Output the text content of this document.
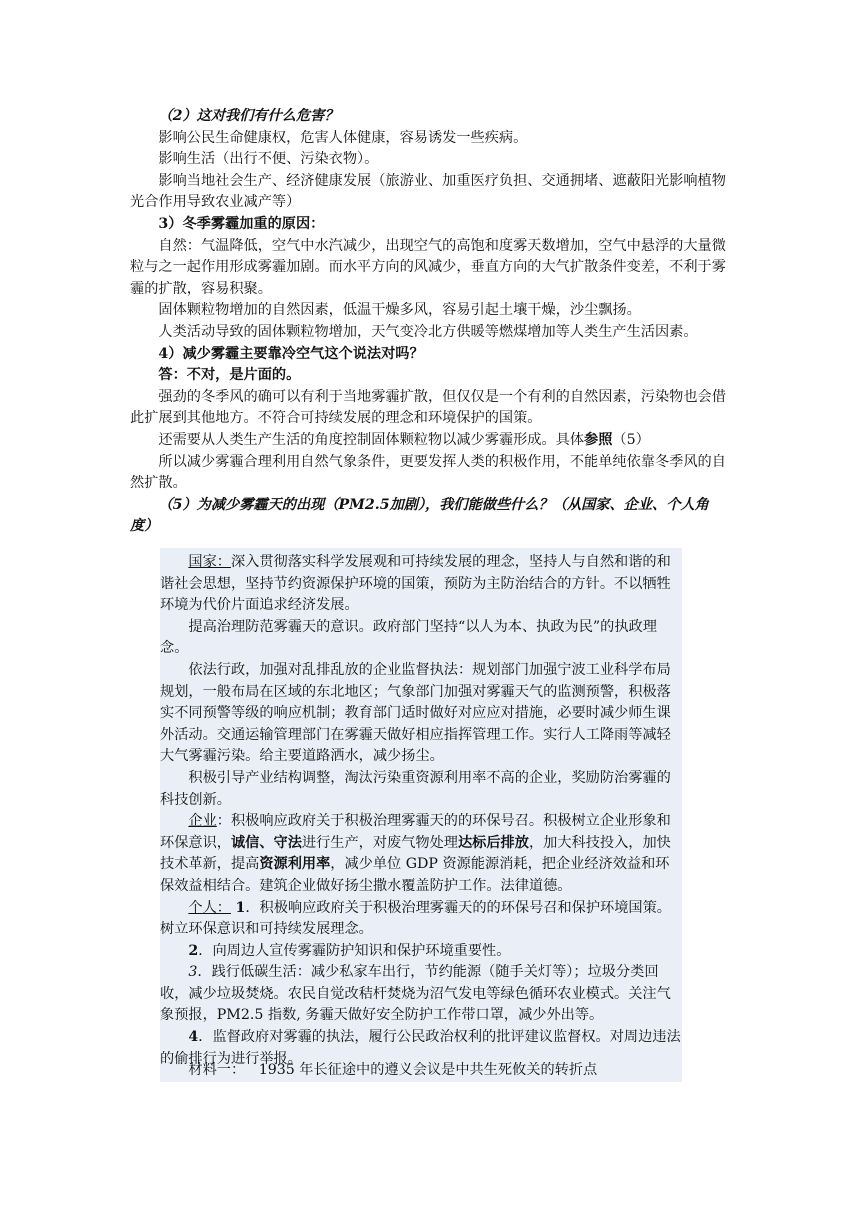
（2）这对我们有什么危害？

影响公民生命健康权，危害人体健康，容易诱发一些疾病。

影响生活（出行不便、污染衣物）。

影响当地社会生产、经济健康发展（旅游业、加重医疗负担、交通拥堵、遮蔽阳光影响植物光合作用导致农业减产等）

3）冬季雾霾加重的原因：

自然：气温降低，空气中水汽减少，出现空气的高饱和度雾天数增加，空气中悬浮的大量微粒与之一起作用形成雾霾加剧。而水平方向的风减少，垂直方向的大气扩散条件变差，不利于雾霾的扩散，容易积聚。

固体颗粒物增加的自然因素，低温干燥多风，容易引起土壤干燥，沙尘飘扬。

人类活动导致的固体颗粒物增加，天气变冷北方供暖等燃煤增加等人类生产生活因素。

4）减少雾霾主要靠冷空气这个说法对吗？

答：不对，是片面的。

强劲的冬季风的确可以有利于当地雾霾扩散，但仅仅是一个有利的自然因素，污染物也会借此扩展到其他地方。不符合可持续发展的理念和环境保护的国策。

还需要从人类生产生活的角度控制固体颗粒物以减少雾霾形成。具体参照（5）

所以减少雾霾合理利用自然气象条件，更要发挥人类的积极作用，不能单纯依靠冬季风的自然扩散。

（5）为减少雾霾天的出现（PM2.5加剧），我们能做些什么？（从国家、企业、个人角度）

国家：深入贯彻落实科学发展观和可持续发展的理念，坚持人与自然和谐的和谐社会思想，坚持节约资源保护环境的国策，预防为主防治结合的方针。不以牺牲环境为代价片面追求经济发展。

提高治理防范雾霾天的意识。政府部门坚持“以人为本、执政为民”的执政理念。

依法行政，加强对乱排乱放的企业监督执法：规划部门加强宁波工业科学布局规划，一般布局在区域的东北地区；气象部门加强对雾霾天气的监测预警，积极落实不同预警等级的响应机制；教育部门适时做好对应应对措施，必要时减少师生课外活动。交通运输管理部门在雾霾天做好相应指挥管理工作。实行人工降雨等减轻大气雾霾污染。给主要道路洒水，减少扬尘。

积极引导产业结构调整，淘汰污染重资源利用率不高的企业，奖励防治雾霾的科技创新。

企业：积极响应政府关于积极治理雾霾天的的环保号召。积极树立企业形象和环保意识，诚信、守法进行生产，对废气物处理达标后排放，加大科技投入，加快技术革新，提高资源利用率，减少单位 GDP 资源能源消耗，把企业经济效益和环保效益相结合。建筑企业做好扬尘撒水覆盖防护工作。法律道德。

个人： 1．积极响应政府关于积极治理雾霾天的的环保号召和保护环境国策。树立环保意识和可持续发展理念。

2．向周边人宣传雾霾防护知识和保护环境重要性。

3．践行低碳生活：减少私家车出行，节约能源（随手关灯等）；垃圾分类回收，减少垃圾焚烧。农民自觉改秸杆焚烧为沼气发电等绿色循环农业模式。关注气象预报，PM2.5 指数, 务霾天做好安全防护工作带口罩，减少外出等。

4．监督政府对雾霾的执法，履行公民政治权利的批评建议监督权。对周边违法的偷排行为进行举报。

材料一： 1935 年长征途中的遵义会议是中共生死攸关的转折点
